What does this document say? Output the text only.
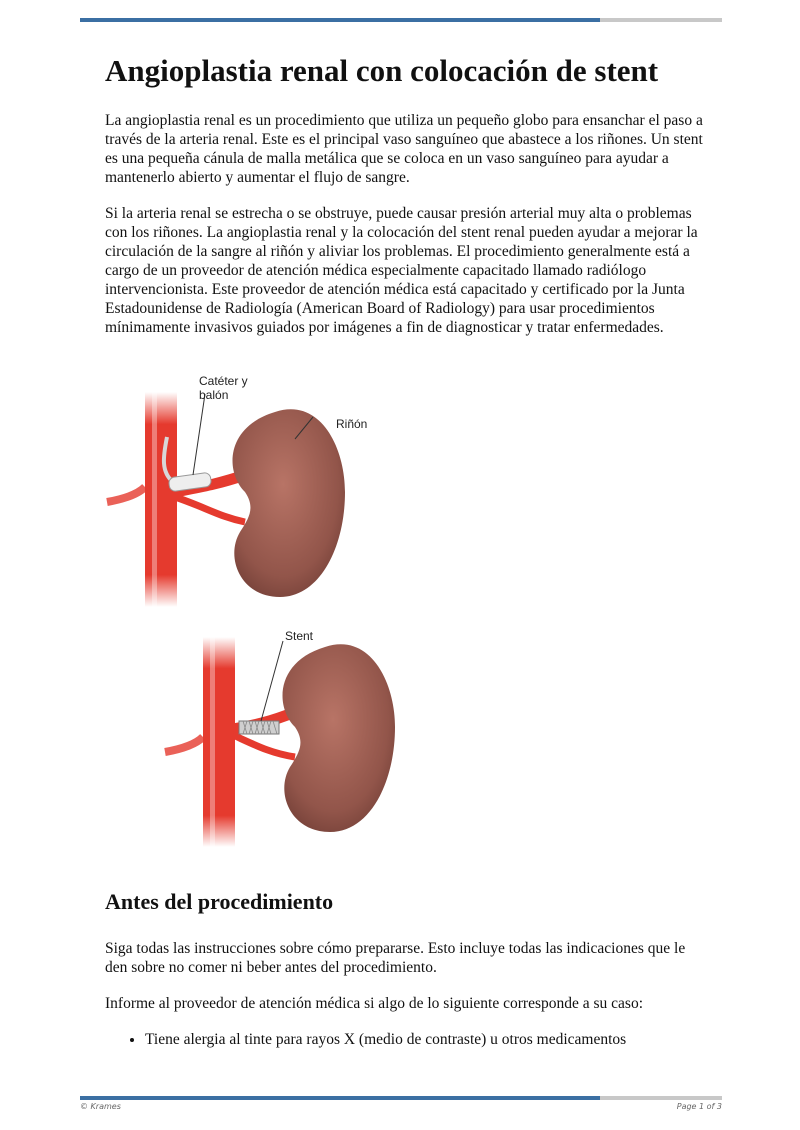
Angioplastia renal con colocación de stent

La angioplastia renal es un procedimiento que utiliza un pequeño globo para ensanchar el paso a través de la arteria renal. Este es el principal vaso sanguíneo que abastece a los riñones. Un stent es una pequeña cánula de malla metálica que se coloca en un vaso sanguíneo para ayudar a mantenerlo abierto y aumentar el flujo de sangre.

Si la arteria renal se estrecha o se obstruye, puede causar presión arterial muy alta o problemas con los riñones. La angioplastia renal y la colocación del stent renal pueden ayudar a mejorar la circulación de la sangre al riñón y aliviar los problemas. El procedimiento generalmente está a cargo de un proveedor de atención médica especialmente capacitado llamado radiólogo intervencionista. Este proveedor de atención médica está capacitado y certificado por la Junta Estadounidense de Radiología (American Board of Radiology) para usar procedimientos mínimamente invasivos guiados por imágenes a fin de diagnosticar y tratar enfermedades.

Catéter y
balón
Riñón
Stent
Antes del procedimiento

Siga todas las instrucciones sobre cómo prepararse. Esto incluye todas las indicaciones que le den sobre no comer ni beber antes del procedimiento.

Informe al proveedor de atención médica si algo de lo siguiente corresponde a su caso:

• Tiene alergia al tinte para rayos X (medio de contraste) u otros medicamentos
© Krames	Page 1 of 3
